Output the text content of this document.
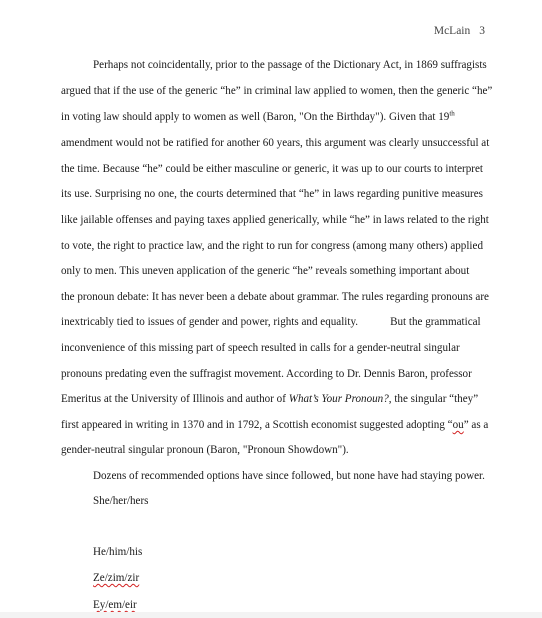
McLain 3
Perhaps not coincidentally, prior to the passage of the Dictionary Act, in 1869 suffragists
argued that if the use of the generic “he” in criminal law applied to women, then the generic “he”
in voting law should apply to women as well (Baron, "On the Birthday"). Given that 19th
amendment would not be ratified for another 60 years, this argument was clearly unsuccessful at
the time. Because “he” could be either masculine or generic, it was up to our courts to interpret
its use. Surprising no one, the courts determined that “he” in laws regarding punitive measures
like jailable offenses and paying taxes applied generically, while “he” in laws related to the right
to vote, the right to practice law, and the right to run for congress (among many others) applied
only to men. This uneven application of the generic “he” reveals something important about
the pronoun debate: It has never been a debate about grammar. The rules regarding pronouns are
inextricably tied to issues of gender and power, rights and equality.	But the grammatical
inconvenience of this missing part of speech resulted in calls for a gender-neutral singular
pronouns predating even the suffragist movement. According to Dr. Dennis Baron, professor
Emeritus at the University of Illinois and author of What’s Your Pronoun?, the singular “they”
first appeared in writing in 1370 and in 1792, a Scottish economist suggested adopting “ou” as a
gender-neutral singular pronoun (Baron, "Pronoun Showdown").
Dozens of recommended options have since followed, but none have had staying power.
She/her/hers
He/him/his
Ze/zim/zir
Ey/em/eir
